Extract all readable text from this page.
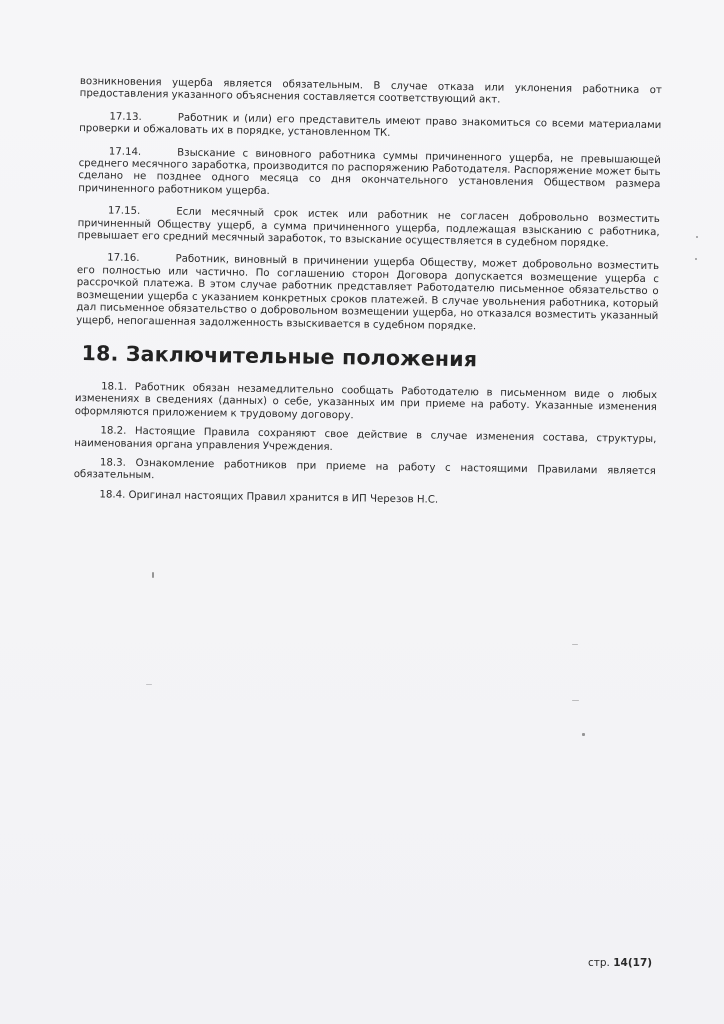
возникновения ущерба является обязательным. В случае отказа или уклонения работника от предоставления указанного объяснения составляется соответствующий акт.

17.13.	Работник и (или) его представитель имеют право знакомиться со всеми материалами проверки и обжаловать их в порядке, установленном ТК.

17.14.	Взыскание с виновного работника суммы причиненного ущерба, не превышающей среднего месячного заработка, производится по распоряжению Работодателя. Распоряжение может быть сделано не позднее одного месяца со дня окончательного установления Обществом размера причиненного работником ущерба.

17.15.	Если месячный срок истек или работник не согласен добровольно возместить причиненный Обществу ущерб, а сумма причиненного ущерба, подлежащая взысканию с работника, превышает его средний месячный заработок, то взыскание осуществляется в судебном порядке.

17.16.	Работник, виновный в причинении ущерба Обществу, может добровольно возместить его полностью или частично. По соглашению сторон Договора допускается возмещение ущерба с рассрочкой платежа. В этом случае работник представляет Работодателю письменное обязательство о возмещении ущерба с указанием конкретных сроков платежей. В случае увольнения работника, который дал письменное обязательство о добровольном возмещении ущерба, но отказался возместить указанный ущерб, непогашенная задолженность взыскивается в судебном порядке.

18. Заключительные положения

18.1. Работник обязан незамедлительно сообщать Работодателю в письменном виде о любых изменениях в сведениях (данных) о себе, указанных им при приеме на работу. Указанные изменения оформляются приложением к трудовому договору.

18.2. Настоящие Правила сохраняют свое действие в случае изменения состава, структуры, наименования органа управления Учреждения.

18.3. Ознакомление работников при приеме на работу с настоящими Правилами является обязательным.

18.4. Оригинал настоящих Правил хранится в ИП Черезов Н.С.

стр. 14(17)
